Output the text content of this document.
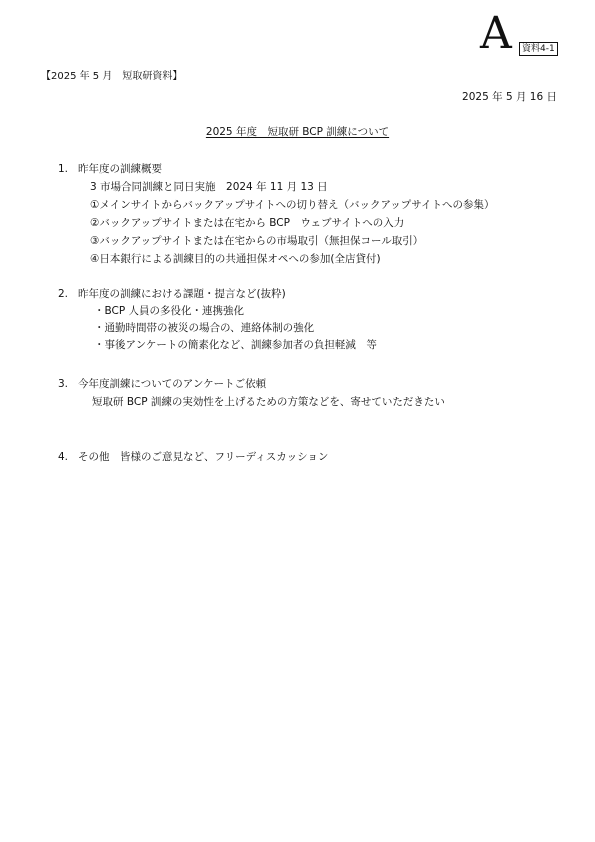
A	資料4-1
【2025 年 5 月　短取研資料】
2025 年 5 月 16 日
2025 年度　短取研 BCP 訓練について
1. 昨年度の訓練概要
3 市場合同訓練と同日実施　2024 年 11 月 13 日
①メインサイトからバックアップサイトへの切り替え（バックアップサイトへの参集）
②バックアップサイトまたは在宅から BCP　ウェブサイトへの入力
③バックアップサイトまたは在宅からの市場取引（無担保コール取引）
④日本銀行による訓練目的の共通担保オペへの参加(全店貸付)
2. 昨年度の訓練における課題・提言など(抜粋)
・BCP 人員の多役化・連携強化
・通勤時間帯の被災の場合の、連絡体制の強化
・事後アンケートの簡素化など、訓練参加者の負担軽減　等
3. 今年度訓練についてのアンケートご依頼
短取研 BCP 訓練の実効性を上げるための方策などを、寄せていただきたい
4. その他　皆様のご意見など、フリーディスカッション
